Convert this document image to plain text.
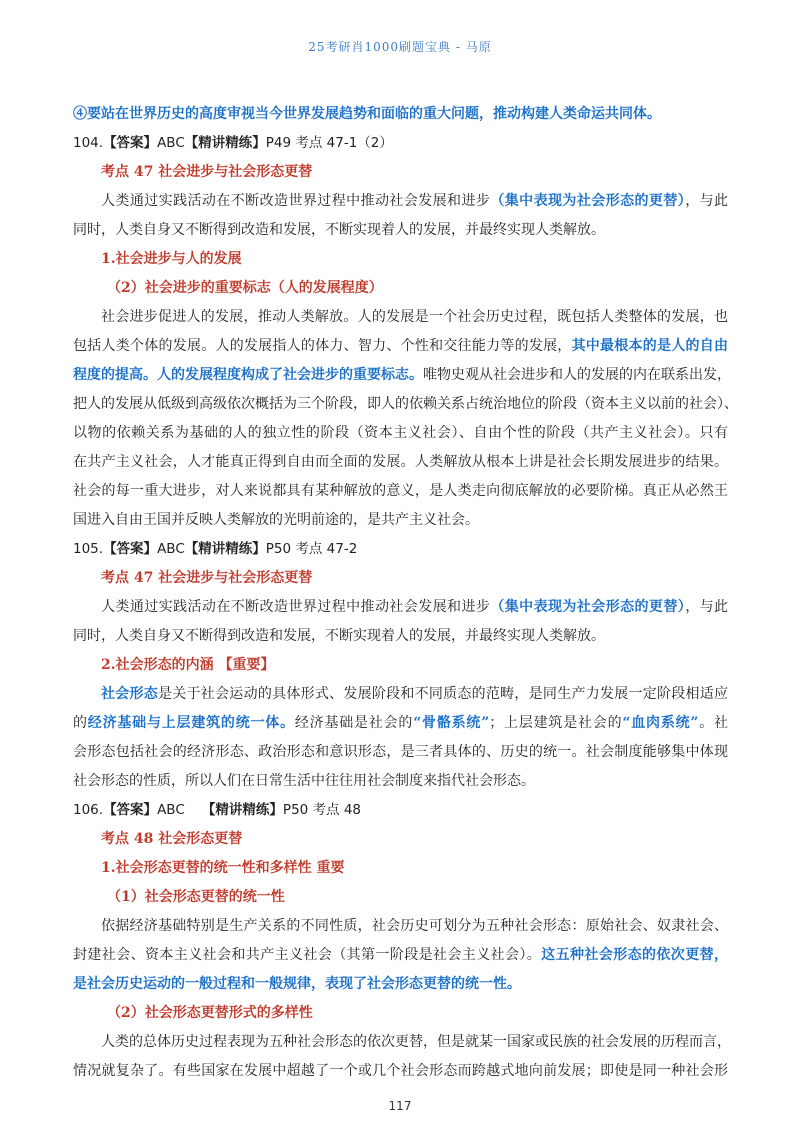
25考研肖1000刷题宝典 - 马原
④要站在世界历史的高度审视当今世界发展趋势和面临的重大问题，推动构建人类命运共同体。
104.【答案】ABC【精讲精练】P49 考点 47-1（2）
考点 47 社会进步与社会形态更替
人类通过实践活动在不断改造世界过程中推动社会发展和进步（集中表现为社会形态的更替），与此
同时，人类自身又不断得到改造和发展，不断实现着人的发展，并最终实现人类解放。
1.社会进步与人的发展
（2）社会进步的重要标志（人的发展程度）
社会进步促进人的发展，推动人类解放。人的发展是一个社会历史过程，既包括人类整体的发展，也
包括人类个体的发展。人的发展指人的体力、智力、个性和交往能力等的发展，其中最根本的是人的自由
程度的提高。人的发展程度构成了社会进步的重要标志。唯物史观从社会进步和人的发展的内在联系出发，
把人的发展从低级到高级依次概括为三个阶段，即人的依赖关系占统治地位的阶段（资本主义以前的社会）、
以物的依赖关系为基础的人的独立性的阶段（资本主义社会）、自由个性的阶段（共产主义社会）。只有
在共产主义社会，人才能真正得到自由而全面的发展。人类解放从根本上讲是社会长期发展进步的结果。
社会的每一重大进步，对人来说都具有某种解放的意义，是人类走向彻底解放的必要阶梯。真正从必然王
国进入自由王国并反映人类解放的光明前途的，是共产主义社会。
105.【答案】ABC【精讲精练】P50 考点 47-2
考点 47 社会进步与社会形态更替
人类通过实践活动在不断改造世界过程中推动社会发展和进步（集中表现为社会形态的更替），与此
同时，人类自身又不断得到改造和发展，不断实现着人的发展，并最终实现人类解放。
2.社会形态的内涵 【重要】
社会形态是关于社会运动的具体形式、发展阶段和不同质态的范畴，是同生产力发展一定阶段相适应
的经济基础与上层建筑的统一体。经济基础是社会的“骨骼系统”；上层建筑是社会的“血肉系统”。社
会形态包括社会的经济形态、政治形态和意识形态，是三者具体的、历史的统一。社会制度能够集中体现
社会形态的性质，所以人们在日常生活中往往用社会制度来指代社会形态。
106.【答案】ABC 【精讲精练】P50 考点 48
考点 48 社会形态更替
1.社会形态更替的统一性和多样性 重要
（1）社会形态更替的统一性
依据经济基础特别是生产关系的不同性质，社会历史可划分为五种社会形态：原始社会、奴隶社会、
封建社会、资本主义社会和共产主义社会（其第一阶段是社会主义社会）。这五种社会形态的依次更替，
是社会历史运动的一般过程和一般规律，表现了社会形态更替的统一性。
（2）社会形态更替形式的多样性
人类的总体历史过程表现为五种社会形态的依次更替，但是就某一国家或民族的社会发展的历程而言，
情况就复杂了。有些国家在发展中超越了一个或几个社会形态而跨越式地向前发展；即使是同一种社会形
117
